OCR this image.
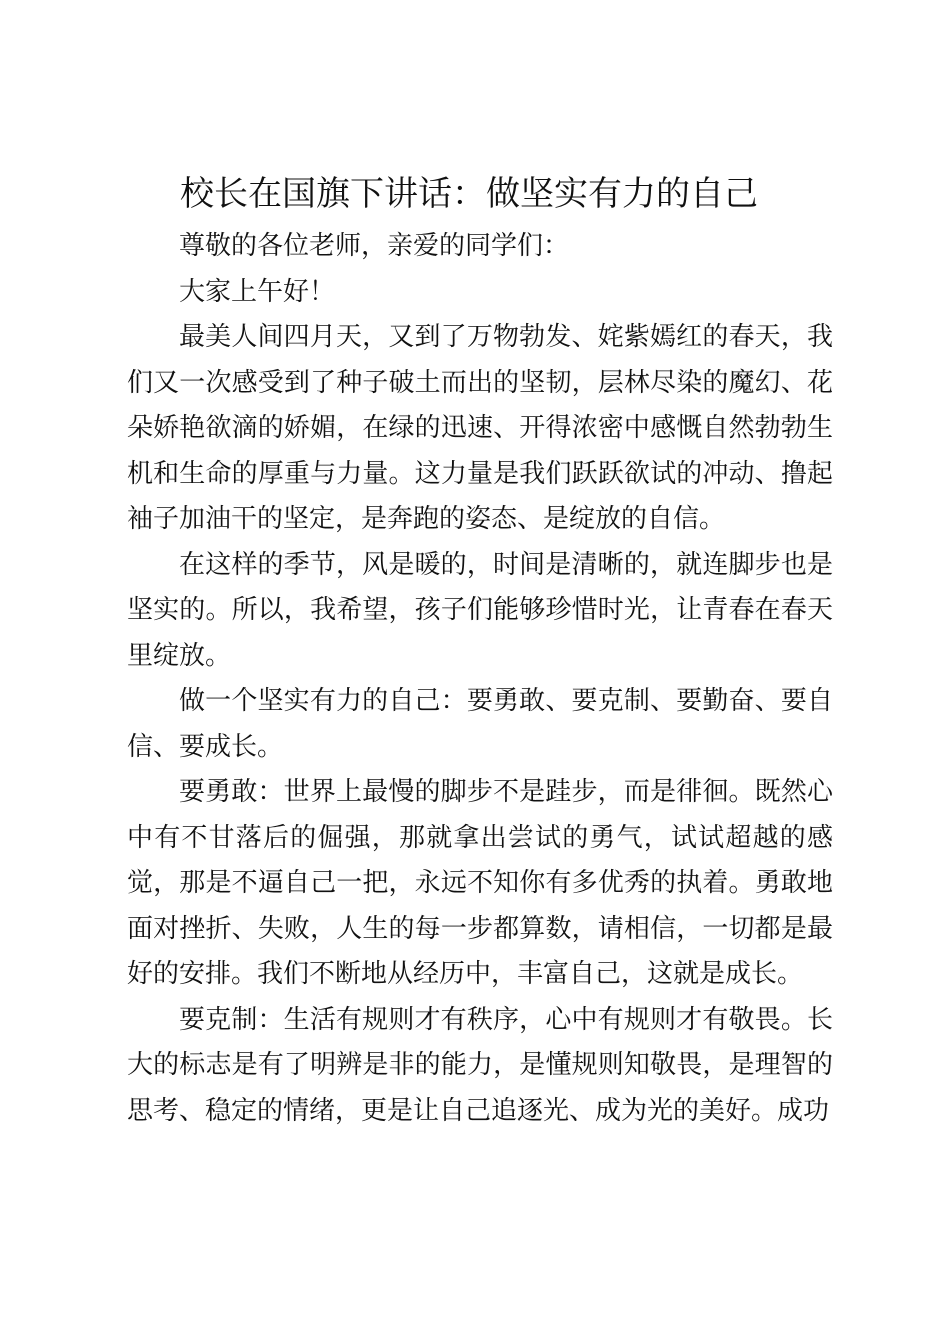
校长在国旗下讲话：做坚实有力的自己

尊敬的各位老师，亲爱的同学们：

大家上午好！

最美人间四月天，又到了万物勃发、姹紫嫣红的春天，我们又一次感受到了种子破土而出的坚韧，层林尽染的魔幻、花朵娇艳欲滴的娇媚，在绿的迅速、开得浓密中感慨自然勃勃生机和生命的厚重与力量。这力量是我们跃跃欲试的冲动、撸起袖子加油干的坚定，是奔跑的姿态、是绽放的自信。

在这样的季节，风是暖的，时间是清晰的，就连脚步也是坚实的。所以，我希望，孩子们能够珍惜时光，让青春在春天里绽放。

做一个坚实有力的自己：要勇敢、要克制、要勤奋、要自信、要成长。

要勇敢：世界上最慢的脚步不是跬步，而是徘徊。既然心中有不甘落后的倔强，那就拿出尝试的勇气，试试超越的感觉，那是不逼自己一把，永远不知你有多优秀的执着。勇敢地面对挫折、失败，人生的每一步都算数，请相信，一切都是最好的安排。我们不断地从经历中，丰富自己，这就是成长。

要克制：生活有规则才有秩序，心中有规则才有敬畏。长大的标志是有了明辨是非的能力，是懂规则知敬畏，是理智的思考、稳定的情绪，更是让自己追逐光、成为光的美好。成功
